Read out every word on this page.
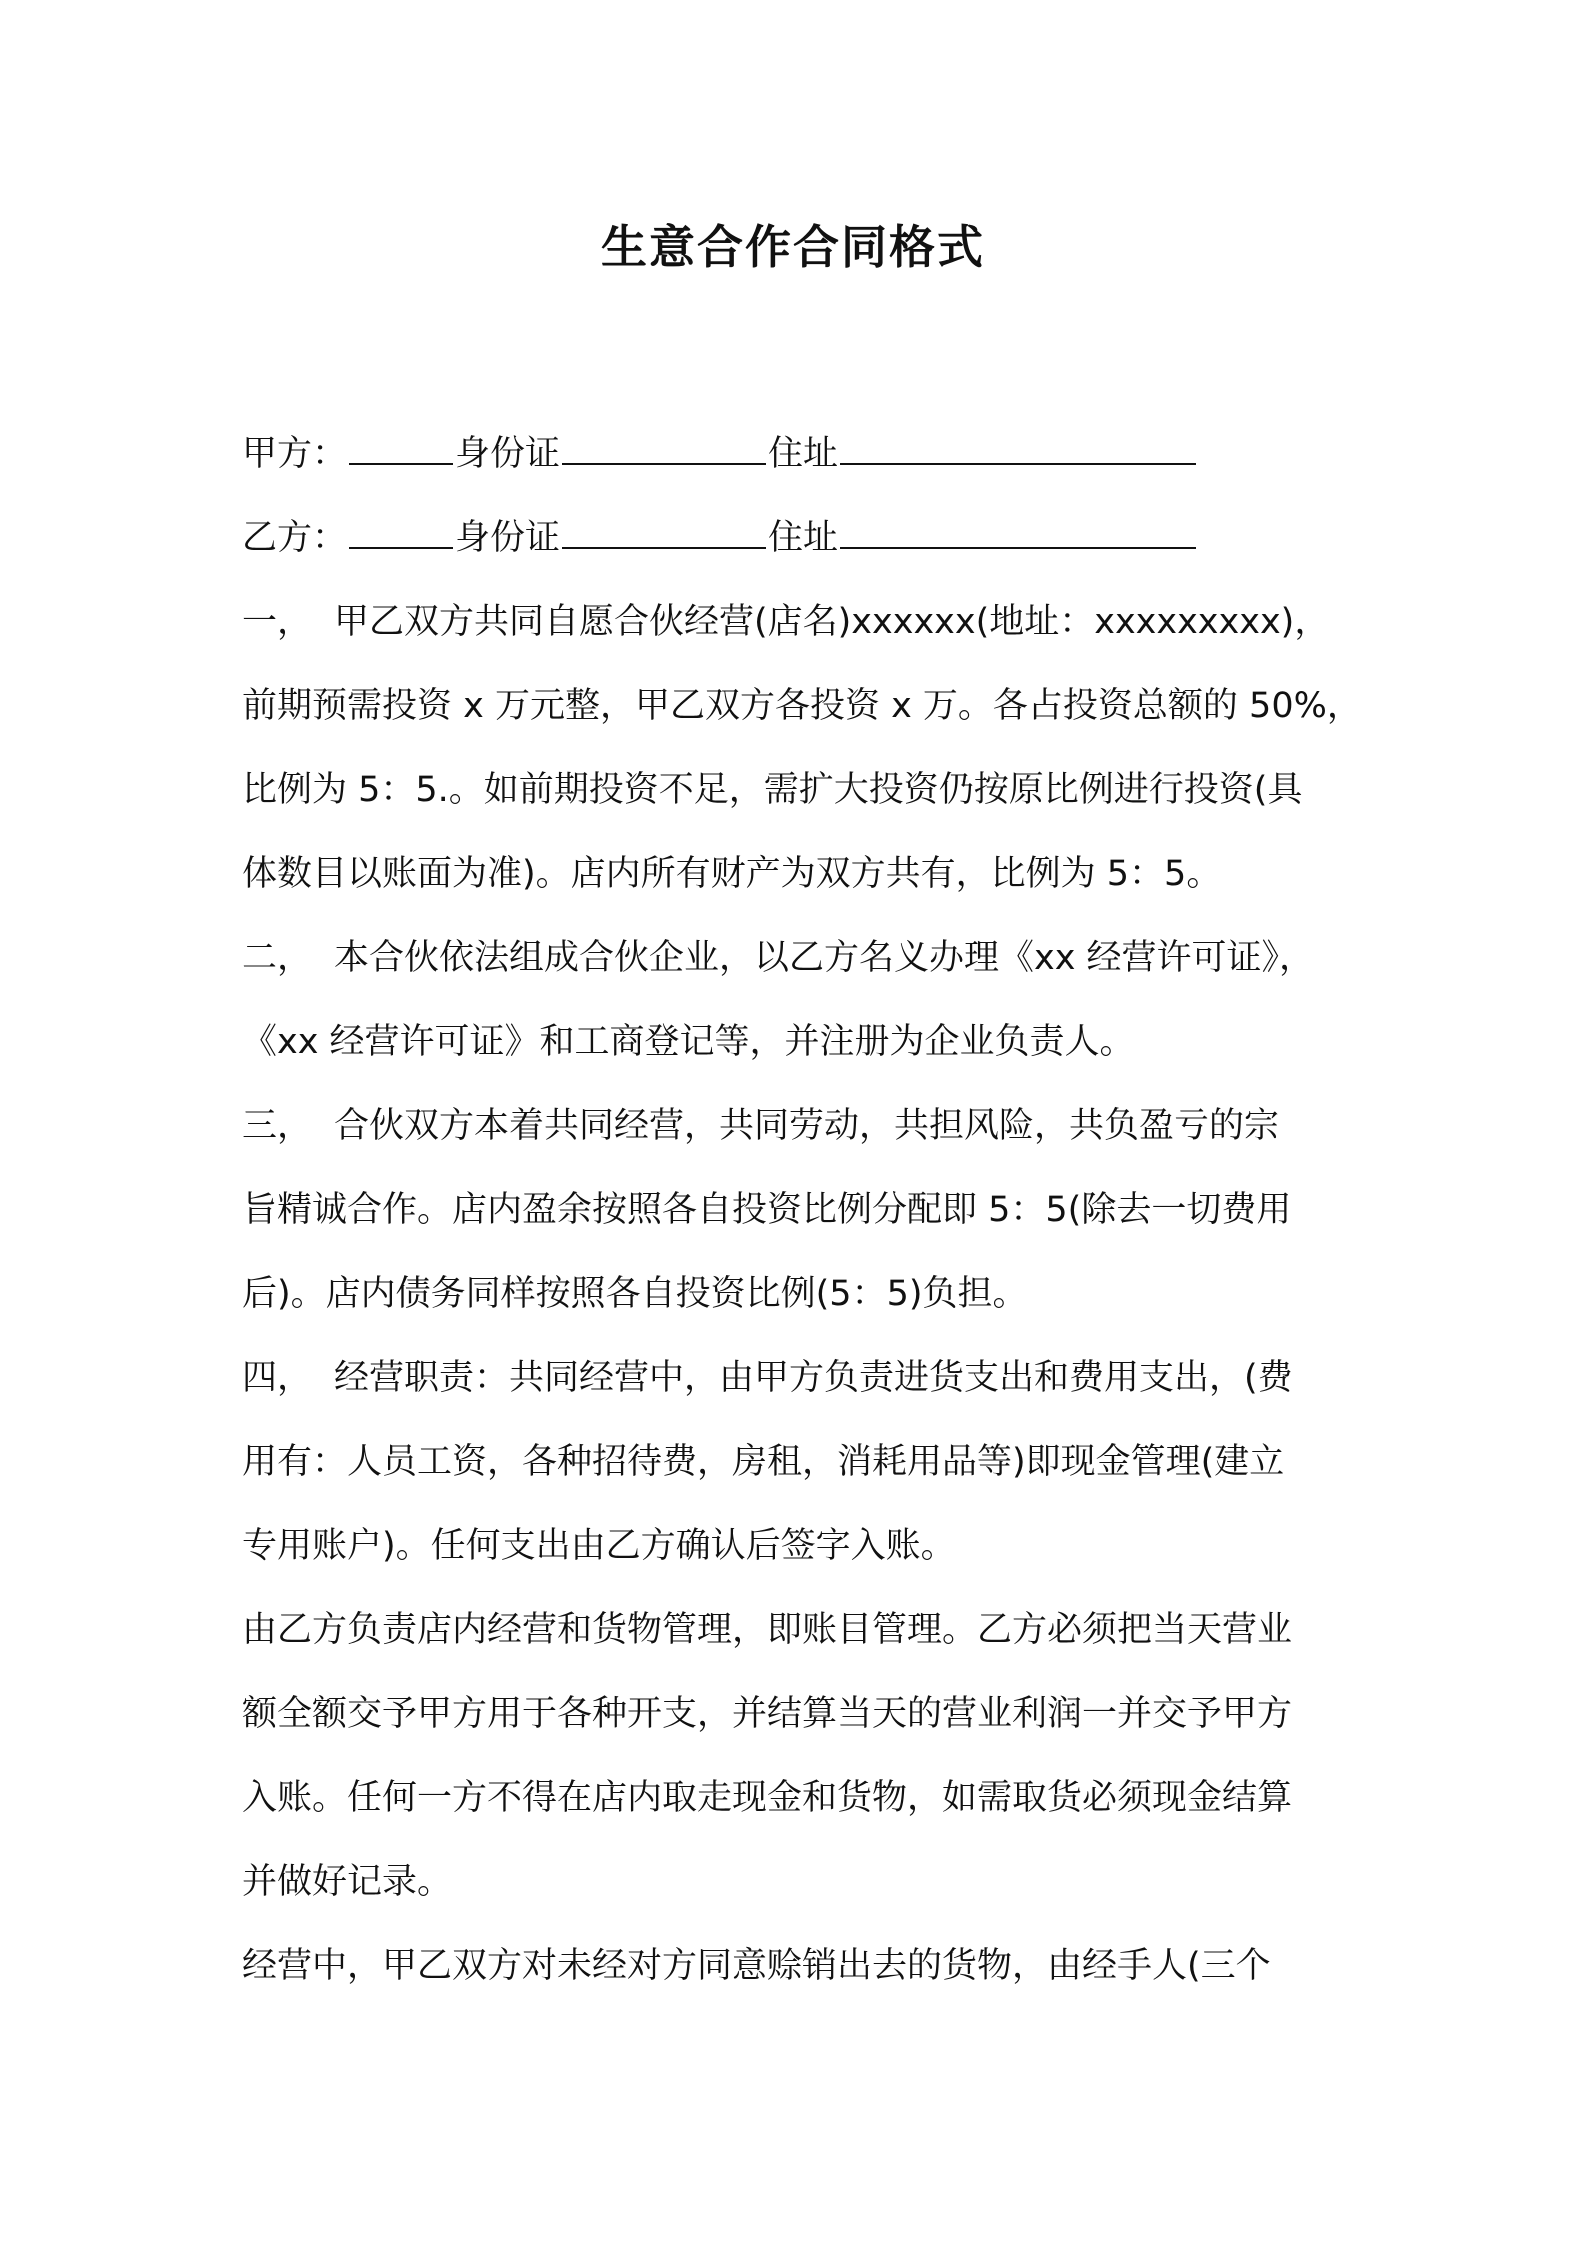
生意合作合同格式
甲方：	身份证	住址
乙方：	身份证	住址
一， 甲乙双方共同自愿合伙经营(店名)xxxxxx(地址：xxxxxxxxx)，
前期预需投资 x 万元整，甲乙双方各投资 x 万。各占投资总额的 50%，
比例为 5：5.。如前期投资不足，需扩大投资仍按原比例进行投资(具
体数目以账面为准)。店内所有财产为双方共有，比例为 5：5。
二， 本合伙依法组成合伙企业，以乙方名义办理《xx 经营许可证》，
《xx 经营许可证》和工商登记等，并注册为企业负责人。
三， 合伙双方本着共同经营，共同劳动，共担风险，共负盈亏的宗
旨精诚合作。店内盈余按照各自投资比例分配即 5：5(除去一切费用
后)。店内债务同样按照各自投资比例(5：5)负担。
四， 经营职责：共同经营中，由甲方负责进货支出和费用支出，(费
用有：人员工资，各种招待费，房租，消耗用品等)即现金管理(建立
专用账户)。任何支出由乙方确认后签字入账。
由乙方负责店内经营和货物管理，即账目管理。乙方必须把当天营业
额全额交予甲方用于各种开支，并结算当天的营业利润一并交予甲方
入账。任何一方不得在店内取走现金和货物，如需取货必须现金结算
并做好记录。
经营中，甲乙双方对未经对方同意赊销出去的货物，由经手人(三个
